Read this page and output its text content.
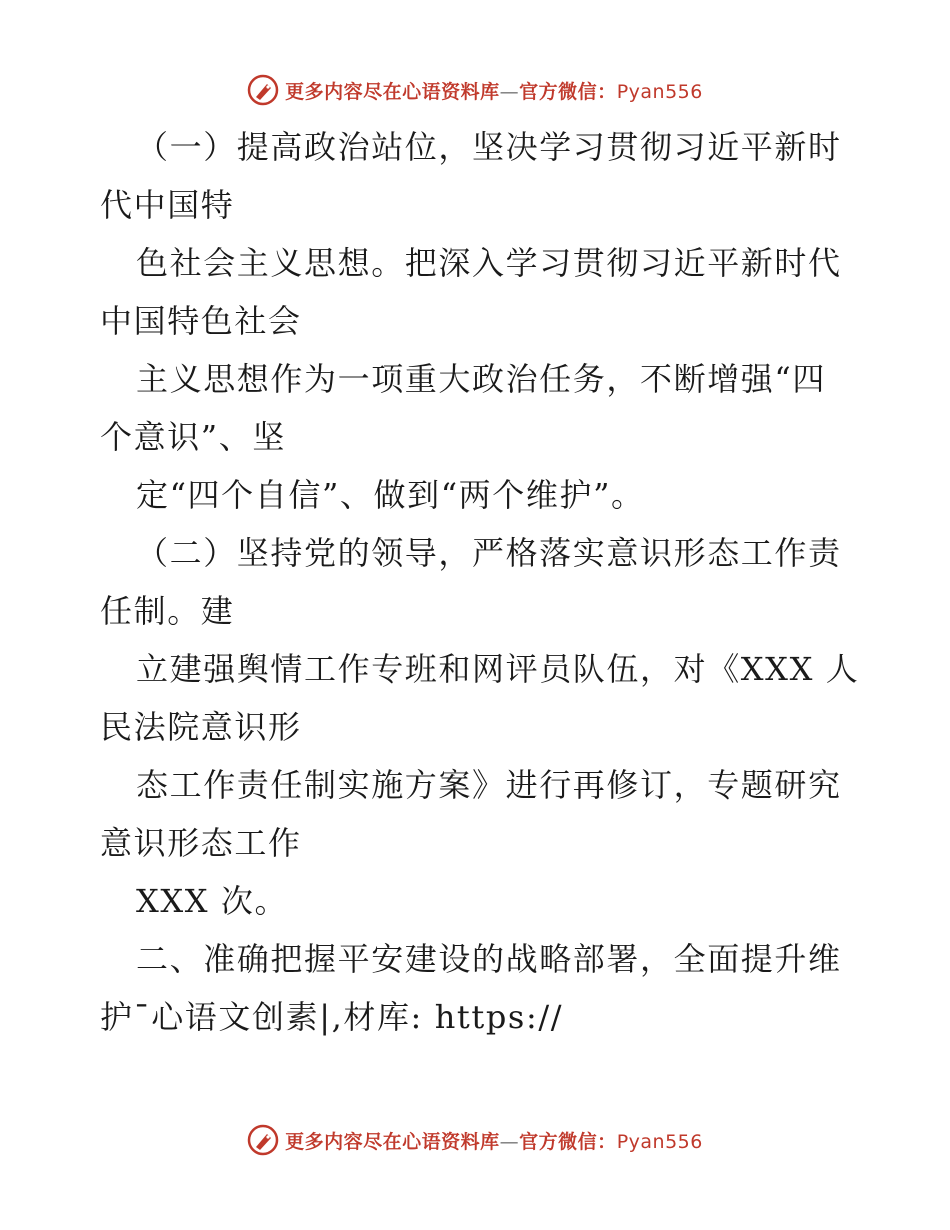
更多内容尽在心语资料库—官方微信：Pyan556
（一）提高政治站位，坚决学习贯彻习近平新时
代中国特
色社会主义思想。把深入学习贯彻习近平新时代
中国特色社会
主义思想作为一项重大政治任务，不断增强“四
个意识”、坚
定“四个自信”、做到“两个维护”。
（二）坚持党的领导，严格落实意识形态工作责
任制。建
立建强舆情工作专班和网评员队伍，对《XXX 人
民法院意识形
态工作责任制实施方案》进行再修订，专题研究
意识形态工作
XXX 次。
二、准确把握平安建设的战略部署，全面提升维
护¯心语文创素|,材库: https://
更多内容尽在心语资料库—官方微信：Pyan556
